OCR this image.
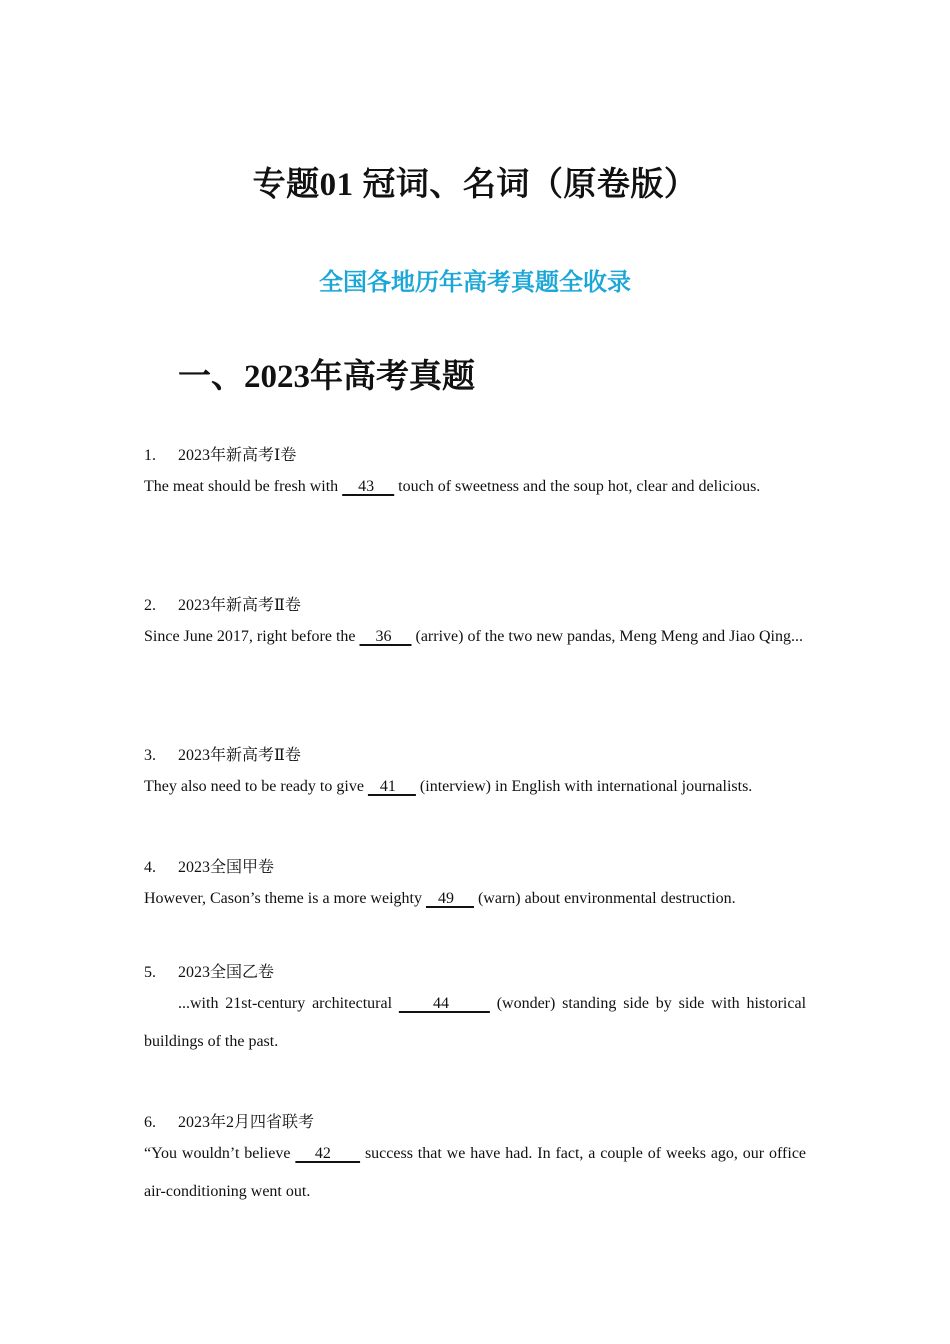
专题01 冠词、名词（原卷版）
全国各地历年高考真题全收录
一、2023年高考真题
1. 2023年新高考Ⅰ卷
The meat should be fresh with     43      touch of sweetness and the soup hot, clear and delicious.
2. 2023年新高考Ⅱ卷
Since June 2017, right before the     36      (arrive) of the two new pandas, Meng Meng and Jiao Qing...
3. 2023年新高考Ⅱ卷
They also need to be ready to give    41      (interview) in English with international journalists.
4. 2023全国甲卷
However, Cason’s theme is a more weighty    49      (warn) about environmental destruction.
5. 2023全国乙卷
...with 21st-century architectural      44       (wonder) standing side by side with historical buildings of the past.
6. 2023年2月四省联考
“You wouldn’t believe     42       success that we have had. In fact, a couple of weeks ago, our office air-conditioning went out.
